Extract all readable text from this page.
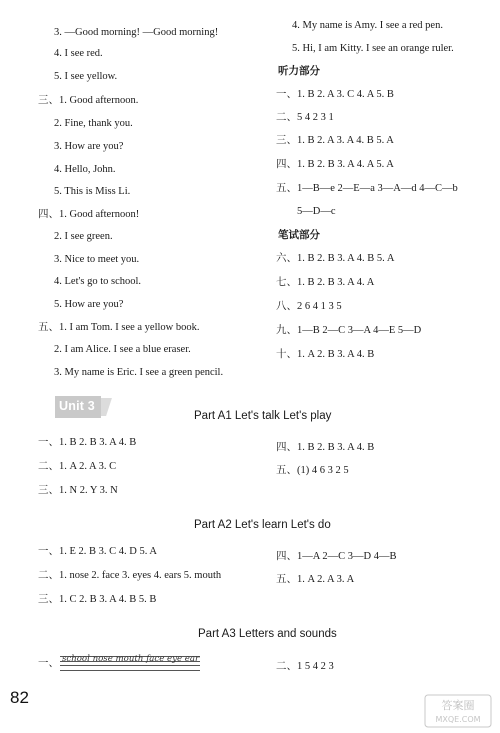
3. —Good morning! —Good morning!
4. I see red.
5. I see yellow.
三、1. Good afternoon.
2. Fine, thank you.
3. How are you?
4. Hello, John.
5. This is Miss Li.
四、1. Good afternoon!
2. I see green.
3. Nice to meet you.
4. Let's go to school.
5. How are you?
五、1. I am Tom. I see a yellow book.
2. I am Alice. I see a blue eraser.
3. My name is Eric. I see a green pencil.
4. My name is Amy. I see a red pen.
5. Hi, I am Kitty. I see an orange ruler.
听力部分
一、1. B 2. A 3. C 4. A 5. B
二、5 4 2 3 1
三、1. B 2. A 3. A 4. B 5. A
四、1. B 2. B 3. A 4. A 5. A
五、1—B—e 2—E—a 3—A—d 4—C—b
5—D—c
笔试部分
六、1. B 2. B 3. A 4. B 5. A
七、1. B 2. B 3. A 4. A
八、2 6 4 1 3 5
九、1—B 2—C 3—A 4—E 5—D
十、1. A 2. B 3. A 4. B
Unit 3
Part A1 Let's talk Let's play
一、1. B 2. B 3. A 4. B
二、1. A 2. A 3. C
三、1. N 2. Y 3. N
四、1. B 2. B 3. A 4. B
五、(1) 4 6 3 2 5
Part A2 Let's learn Let's do
一、1. E 2. B 3. C 4. D 5. A
二、1. nose 2. face 3. eyes 4. ears 5. mouth
三、1. C 2. B 3. A 4. B 5. B
四、1—A 2—C 3—D 4—B
五、1. A 2. A 3. A
Part A3 Letters and sounds
一、 school nose mouth face eye ear
二、1 5 4 2 3
82	答案圈
MXQE.COM
